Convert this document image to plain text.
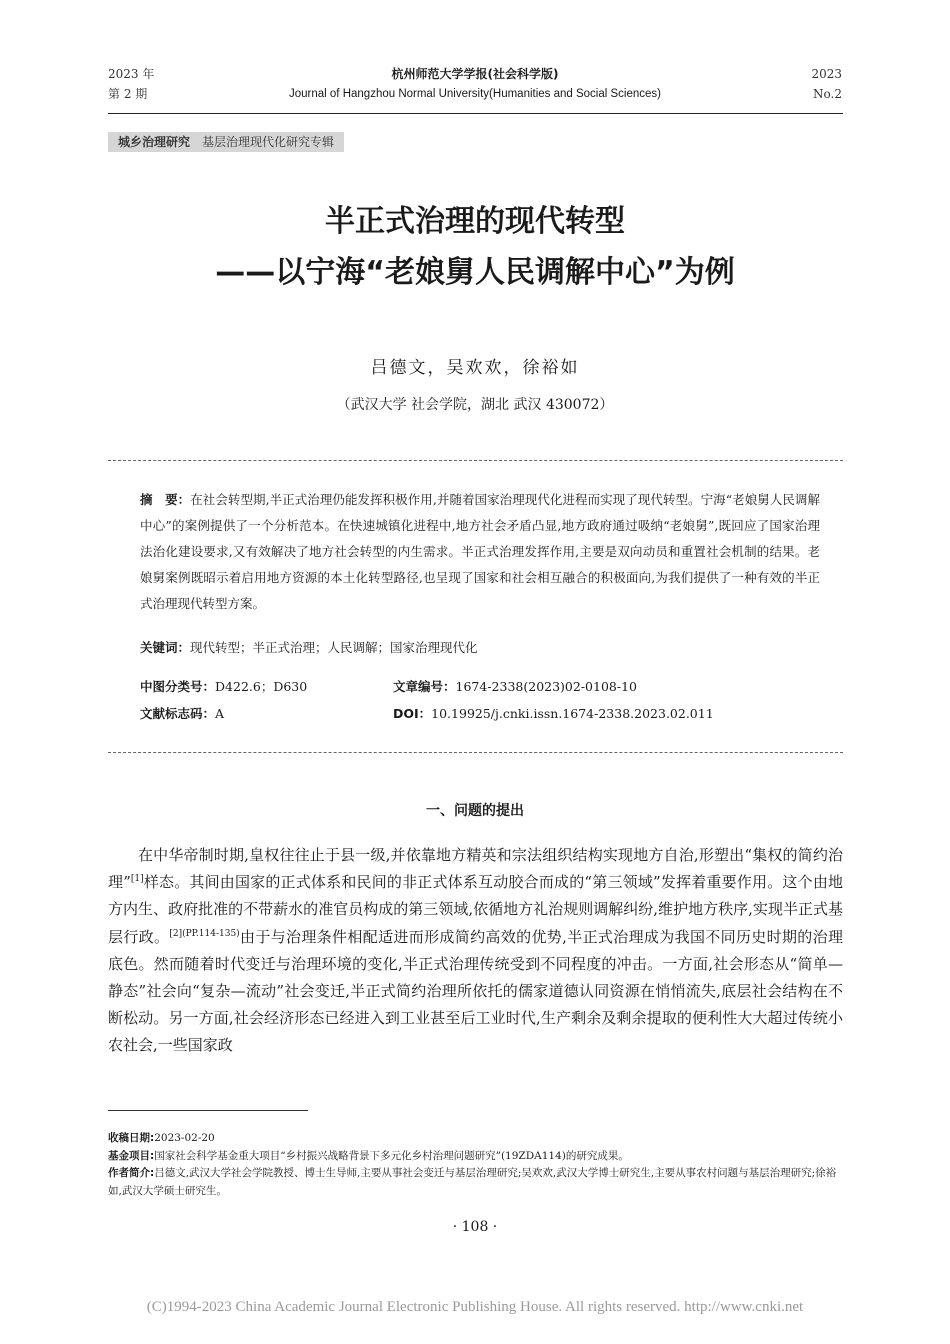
2023 年
第 2 期
杭州师范大学学报(社会科学版)
Journal of Hangzhou Normal University(Humanities and Social Sciences)
2023
No.2
城乡治理研究 基层治理现代化研究专辑
半正式治理的现代转型
——以宁海“老娘舅人民调解中心”为例
吕德文，吴欢欢，徐裕如
（武汉大学 社会学院，湖北 武汉 430072）
摘　要：在社会转型期,半正式治理仍能发挥积极作用,并随着国家治理现代化进程而实现了现代转型。宁海“老娘舅人民调解中心”的案例提供了一个分析范本。在快速城镇化进程中,地方社会矛盾凸显,地方政府通过吸纳“老娘舅”,既回应了国家治理法治化建设要求,又有效解决了地方社会转型的内生需求。半正式治理发挥作用,主要是双向动员和重置社会机制的结果。老娘舅案例既昭示着启用地方资源的本土化转型路径,也呈现了国家和社会相互融合的积极面向,为我们提供了一种有效的半正式治理现代转型方案。
关键词：现代转型；半正式治理；人民调解；国家治理现代化
中图分类号：D422.6；D630	文章编号：1674-2338(2023)02-0108-10
文献标志码：A	DOI：10.19925/j.cnki.issn.1674-2338.2023.02.011
一、问题的提出

在中华帝制时期,皇权往往止于县一级,并依靠地方精英和宗法组织结构实现地方自治,形塑出“集权的简约治理”[1]样态。其间由国家的正式体系和民间的非正式体系互动胶合而成的“第三领域”发挥着重要作用。这个由地方内生、政府批准的不带薪水的准官员构成的第三领域,依循地方礼治规则调解纠纷,维护地方秩序,实现半正式基层行政。$^{[2](PP.114-135)}$由于与治理条件相配适进而形成简约高效的优势,半正式治理成为我国不同历史时期的治理底色。然而随着时代变迁与治理环境的变化,半正式治理传统受到不同程度的冲击。一方面,社会形态从“简单—静态”社会向“复杂—流动”社会变迁,半正式简约治理所依托的儒家道德认同资源在悄悄流失,底层社会结构在不断松动。另一方面,社会经济形态已经进入到工业甚至后工业时代,生产剩余及剩余提取的便利性大大超过传统小农社会,一些国家政

收稿日期:2023-02-20
基金项目:国家社会科学基金重大项目“乡村振兴战略背景下多元化乡村治理问题研究”(19ZDA114)的研究成果。
作者简介:吕德文,武汉大学社会学院教授、博士生导师,主要从事社会变迁与基层治理研究;吴欢欢,武汉大学博士研究生,主要从事农村问题与基层治理研究;徐裕如,武汉大学硕士研究生。
· 108 ·
(C)1994-2023 China Academic Journal Electronic Publishing House. All rights reserved. http://www.cnki.net
